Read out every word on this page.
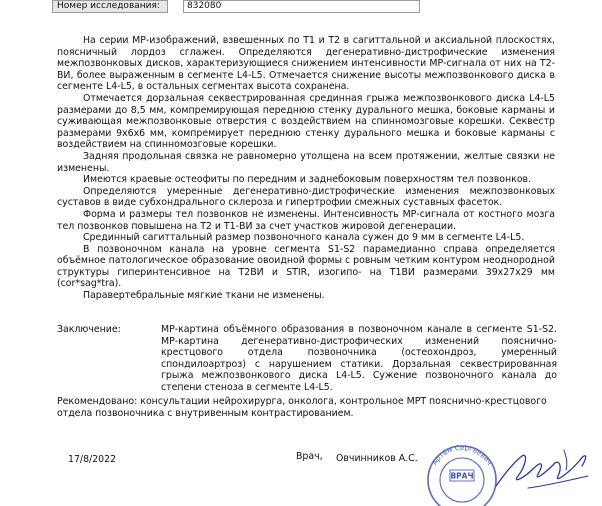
Номер исследования:	832080

На серии МР-изображений, взвешенных по Т1 и Т2 в сагиттальной и аксиальной плоскостях, поясничный лордоз сглажен. Определяются дегенеративно-дистрофические изменения межпозвонковых дисков, характеризующиеся снижением интенсивности МР-сигнала от них на Т2-ВИ, более выраженным в сегменте L4-L5. Отмечается снижение высоты межпозвонкового диска в сегменте L4-L5, в остальных сегментах высота сохранена.

Отмечается дорзальная секвестрированная срединная грыжа межпозвонкового диска L4-L5 размерами до 8,5 мм, компремирующая переднюю стенку дурального мешка, боковые карманы и суживающая межпозвонковые отверстия с воздействием на спинномозговые корешки. Секвестр размерами 9х6х6 мм, компремирует переднюю стенку дурального мешка и боковые карманы с воздействием на спинномозговые корешки.

Задняя продольная связка не равномерно утолщена на всем протяжении, желтые связки не изменены.

Имеются краевые остеофиты по передним и заднебоковым поверхностям тел позвонков.

Определяются умеренные дегенеративно-дистрофические изменения межпозвонковых суставов в виде субхондрального склероза и гипертрофии смежных суставных фасеток.

Форма и размеры тел позвонков не изменены. Интенсивность МР-сигнала от костного мозга тел позвонков повышена на Т2 и Т1-ВИ за счет участков жировой дегенерации.

Срединный сагиттальный размер позвоночного канала сужен до 9 мм в сегменте L4-L5.

В позвоночном канала на уровне сегмента S1-S2 парамедианно справа определяется объёмное патологическое образование овоидной формы с ровным четким контуром неоднородной структуры гиперинтенсивное на Т2ВИ и STIR, изогипо- на Т1ВИ размерами 39х27х29 мм (cor*sag*tra).

Паравертебральные мягкие ткани не изменены.

Заключение:	МР-картина объёмного образования в позвоночном канале в сегменте S1-S2. МР-картина дегенеративно-дистрофических изменений пояснично-крестцового отдела позвоночника (остеохондроз, умеренный спондилоартроз) с нарушением статики. Дорзальная секвестрированная грыжа межпозвонкового диска L4-L5. Сужение позвоночного канала до степени стеноза в сегменте L4-L5.
Рекомендовано: консультации нейрохирурга, онколога, контрольное МРТ пояснично-крестцового отдела позвоночника с внутривенным контрастированием.
17/8/2022	Врач, Овчинников А.С. Артём Сергеевич
ВРАЧ
